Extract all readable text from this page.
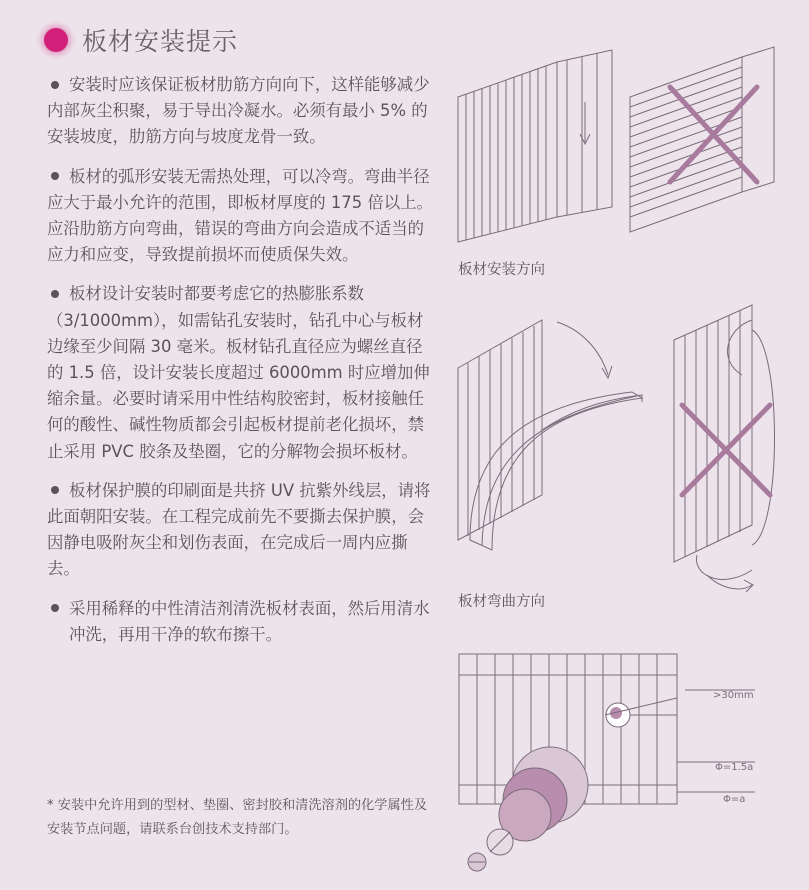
板材安装提示

安装时应该保证板材肋筋方向向下，这样能够减少内部灰尘积聚，易于导出冷凝水。必须有最小 5% 的安装坡度，肋筋方向与坡度龙骨一致。

板材的弧形安装无需热处理，可以冷弯。弯曲半径应大于最小允许的范围，即板材厚度的 175 倍以上。应沿肋筋方向弯曲，错误的弯曲方向会造成不适当的应力和应变，导致提前损坏而使质保失效。

板材设计安装时都要考虑它的热膨胀系数（3/1000mm），如需钻孔安装时，钻孔中心与板材边缘至少间隔 30 毫米。板材钻孔直径应为螺丝直径的 1.5 倍，设计安装长度超过 6000mm 时应增加伸缩余量。必要时请采用中性结构胶密封，板材接触任何的酸性、碱性物质都会引起板材提前老化损坏，禁止采用 PVC 胶条及垫圈，它的分解物会损坏板材。

板材保护膜的印刷面是共挤 UV 抗紫外线层，请将此面朝阳安装。在工程完成前先不要撕去保护膜，会因静电吸附灰尘和划伤表面，在完成后一周内应撕去。

采用稀释的中性清洁剂清洗板材表面，然后用清水冲洗，再用干净的软布擦干。

* 安装中允许用到的型材、垫圈、密封胶和清洗溶剂的化学属性及安装节点问题，请联系台创技术支持部门。
板材安装方向
板材弯曲方向
>30mm
Φ=1.5a
Φ=a
